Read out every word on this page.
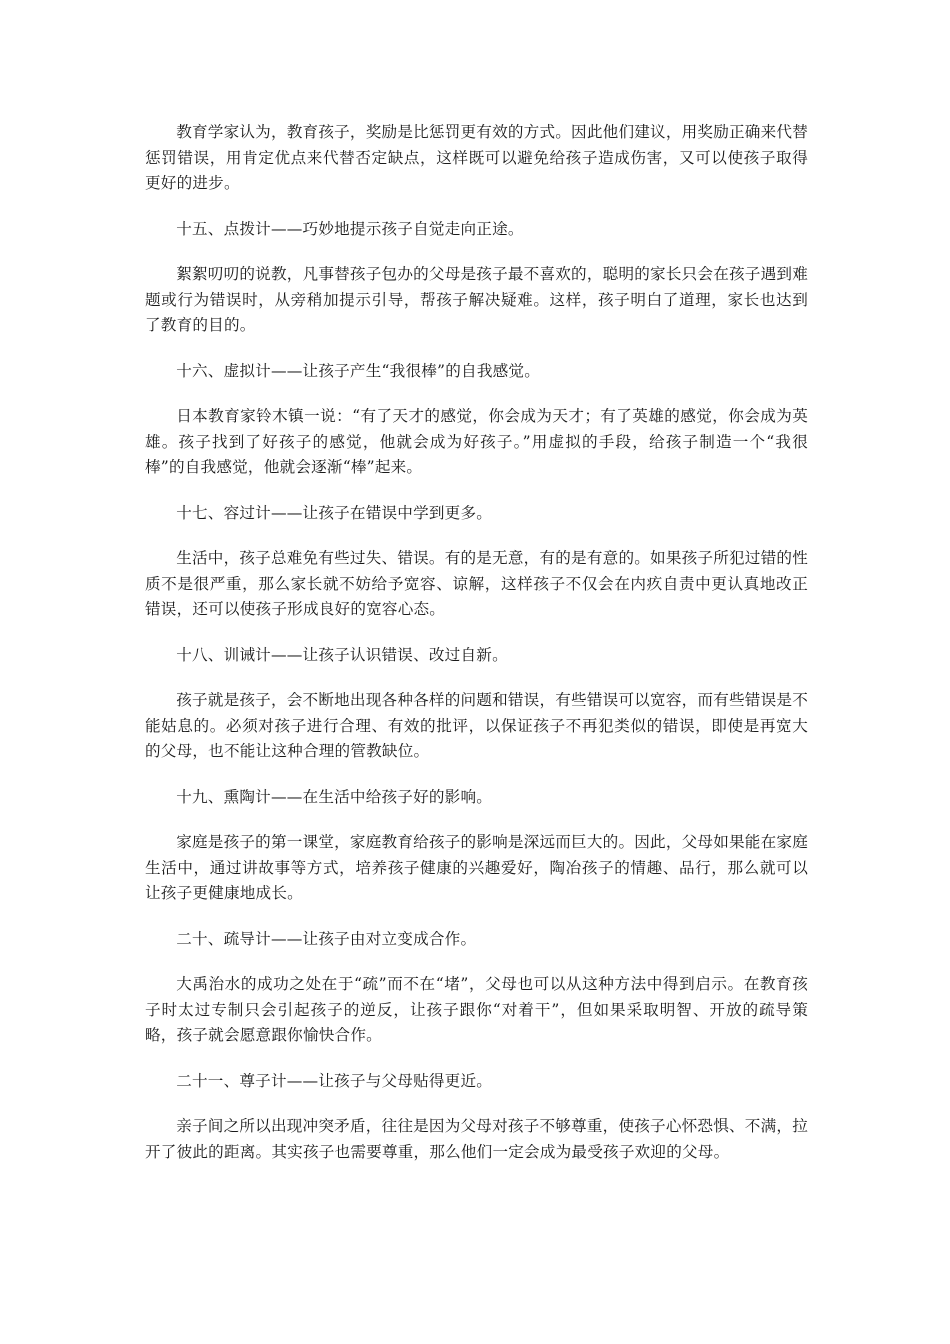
教育学家认为，教育孩子，奖励是比惩罚更有效的方式。因此他们建议，用奖励正确来代替惩罚错误，用肯定优点来代替否定缺点，这样既可以避免给孩子造成伤害，又可以使孩子取得更好的进步。

十五、点拨计——巧妙地提示孩子自觉走向正途。

絮絮叨叨的说教，凡事替孩子包办的父母是孩子最不喜欢的，聪明的家长只会在孩子遇到难题或行为错误时，从旁稍加提示引导，帮孩子解决疑难。这样，孩子明白了道理，家长也达到了教育的目的。

十六、虚拟计——让孩子产生“我很棒”的自我感觉。

日本教育家铃木镇一说：“有了天才的感觉，你会成为天才；有了英雄的感觉，你会成为英雄。孩子找到了好孩子的感觉，他就会成为好孩子。”用虚拟的手段，给孩子制造一个“我很棒”的自我感觉，他就会逐渐“棒”起来。

十七、容过计——让孩子在错误中学到更多。

生活中，孩子总难免有些过失、错误。有的是无意，有的是有意的。如果孩子所犯过错的性质不是很严重，那么家长就不妨给予宽容、谅解，这样孩子不仅会在内疚自责中更认真地改正错误，还可以使孩子形成良好的宽容心态。

十八、训诫计——让孩子认识错误、改过自新。

孩子就是孩子，会不断地出现各种各样的问题和错误，有些错误可以宽容，而有些错误是不能姑息的。必须对孩子进行合理、有效的批评，以保证孩子不再犯类似的错误，即使是再宽大的父母，也不能让这种合理的管教缺位。

十九、熏陶计——在生活中给孩子好的影响。

家庭是孩子的第一课堂，家庭教育给孩子的影响是深远而巨大的。因此，父母如果能在家庭生活中，通过讲故事等方式，培养孩子健康的兴趣爱好，陶冶孩子的情趣、品行，那么就可以让孩子更健康地成长。

二十、疏导计——让孩子由对立变成合作。

大禹治水的成功之处在于“疏”而不在“堵”，父母也可以从这种方法中得到启示。在教育孩子时太过专制只会引起孩子的逆反，让孩子跟你“对着干”，但如果采取明智、开放的疏导策略，孩子就会愿意跟你愉快合作。

二十一、尊子计——让孩子与父母贴得更近。

亲子间之所以出现冲突矛盾，往往是因为父母对孩子不够尊重，使孩子心怀恐惧、不满，拉开了彼此的距离。其实孩子也需要尊重，那么他们一定会成为最受孩子欢迎的父母。
